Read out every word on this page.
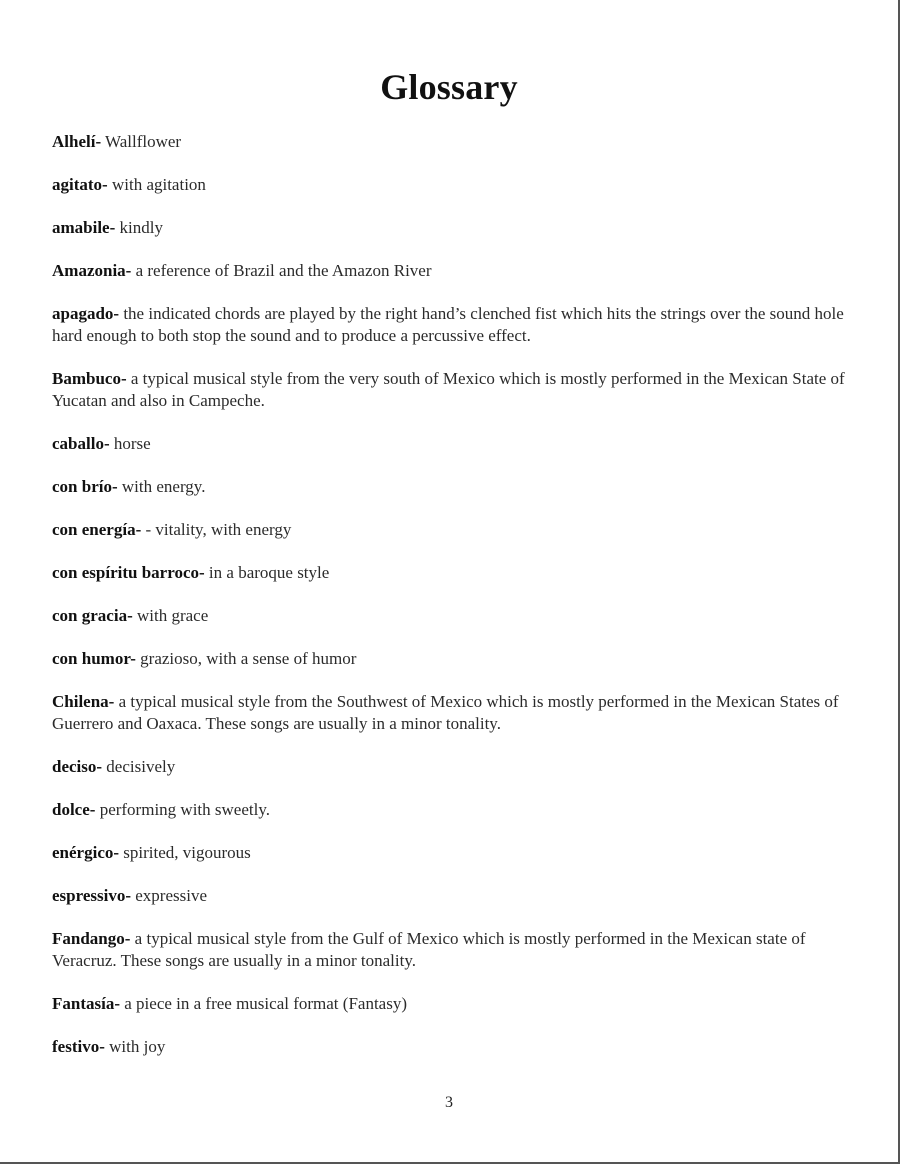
Glossary
Alhelí- Wallflower
agitato- with agitation
amabile- kindly
Amazonia- a reference of Brazil and the Amazon River
apagado- the indicated chords are played by the right hand’s clenched fist which hits the strings over the sound hole hard enough to both stop the sound and to produce a percussive effect.
Bambuco- a typical musical style from the very south of Mexico which is mostly performed in the Mexican State of Yucatan and also in Campeche.
caballo- horse
con brío- with energy.
con energía- - vitality, with energy
con espíritu barroco- in a baroque style
con gracia- with grace
con humor- grazioso, with a sense of humor
Chilena- a typical musical style from the Southwest of Mexico which is mostly performed in the Mexican States of Guerrero and Oaxaca. These songs are usually in a minor tonality.
deciso- decisively
dolce- performing with sweetly.
enérgico- spirited, vigourous
espressivo- expressive
Fandango- a typical musical style from the Gulf of Mexico which is mostly performed in the Mexican state of Veracruz. These songs are usually in a minor tonality.
Fantasía- a piece in a free musical format (Fantasy)
festivo- with joy
3
